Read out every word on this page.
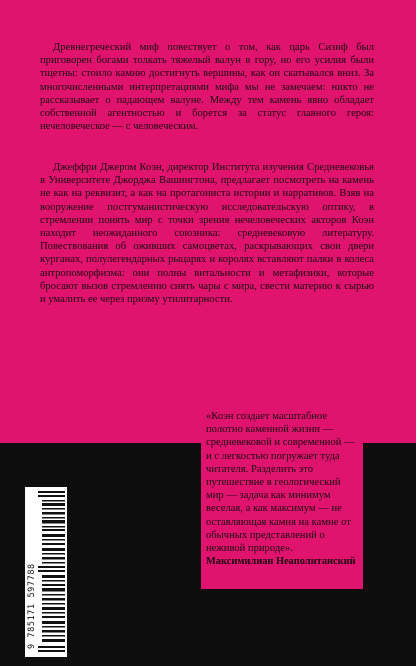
Древнегреческий миф повествует о том, как царь Сизиф был приговорен богами толкать тяжелый валун в гору, но его усилия были тщетны: стоило камню достигнуть вершины, как он скатывался вниз. За многочисленными интерпретациями мифа мы не замечаем: никто не рассказывает о падающем валуне. Между тем камень явно обладает собственной агентностью и борется за статус главного героя: нечеловеческое — с человеческим.

Джеффри Джером Коэн, директор Института изучения Средневековья в Университете Джорджа Вашингтона, предлагает посмотреть на камень не как на реквизит, а как на протагониста истории и нарративов. Взяв на вооружение постгуманистическую исследовательскую оптику, в стремлении понять мир с точки зрения нечеловеческих акторов Коэн находит неожиданного союзника: средневековую литературу. Повествования об оживших самоцветах, раскрывающих свои двери курганах, полулегендарных рыцарях и королях вставляют палки в колеса антропоморфизма: они полны витальности и метафизики, которые бросают вызов стремлению снять чары с мира, свести материю к сырью и умалить ее через призму утилитарности.

«Коэн создает масштабное полотно каменной жизни — средневековой и современной — и с легкостью погружает туда читателя. Разделить это путешествие в геологический мир — задача как минимум веселая, а как максимум — не оставляющая камня на камне от обычных представлений о неживой природе».

Максимилиан Неаполитанский

9 785171 597788
